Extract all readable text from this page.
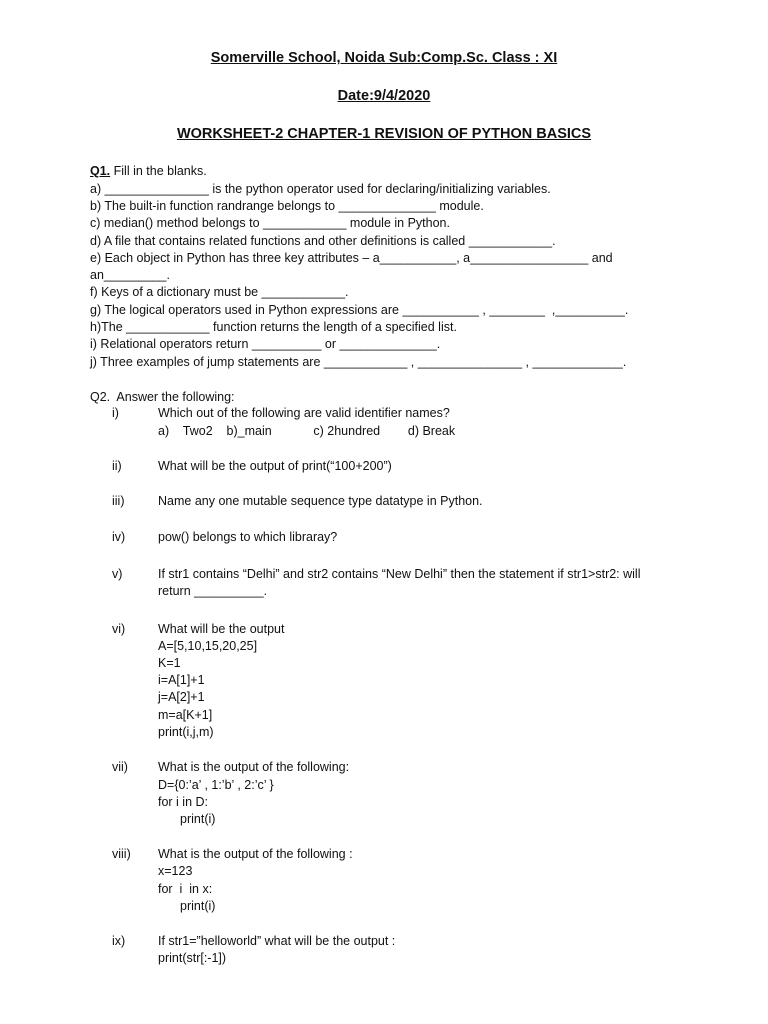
Somerville School, Noida Sub:Comp.Sc. Class : XI
Date:9/4/2020
WORKSHEET-2 CHAPTER-1 REVISION OF PYTHON BASICS
Q1. Fill in the blanks.
a) _______________ is the python operator used for declaring/initializing variables.
b) The built-in function randrange belongs to ______________ module.
c) median() method belongs to ____________ module in Python.
d) A file that contains related functions and other definitions is called ____________.
e) Each object in Python has three key attributes – a___________, a_________________ and
an_________.
f) Keys of a dictionary must be ____________.
g) The logical operators used in Python expressions are ___________ , ________  ,__________.
h)The ____________ function returns the length of a specified list.
i) Relational operators return __________ or ______________.
j) Three examples of jump statements are ____________ , _______________ , _____________.
Q2.  Answer the following:
i)	Which out of the following are valid identifier names?
a)    Two2    b)_main            c) 2hundred        d) Break
ii)	What will be the output of print(“100+200”)
iii)	Name any one mutable sequence type datatype in Python.
iv)	pow() belongs to which libraray?
v)	If str1 contains “Delhi” and str2 contains “New Delhi” then the statement if str1>str2: will
return __________.
vi)	What will be the output
A=[5,10,15,20,25]
K=1
i=A[1]+1
j=A[2]+1
m=a[K+1]
print(i,j,m)
vii) What is the output of the following:
D={0:’a’ , 1:’b’ , 2:’c’ }
for i in D:
print(i)
viii) What is the output of the following :
x=123
for  i  in x:
print(i)
ix)	If str1=”helloworld” what will be the output :
print(str[:-1])
